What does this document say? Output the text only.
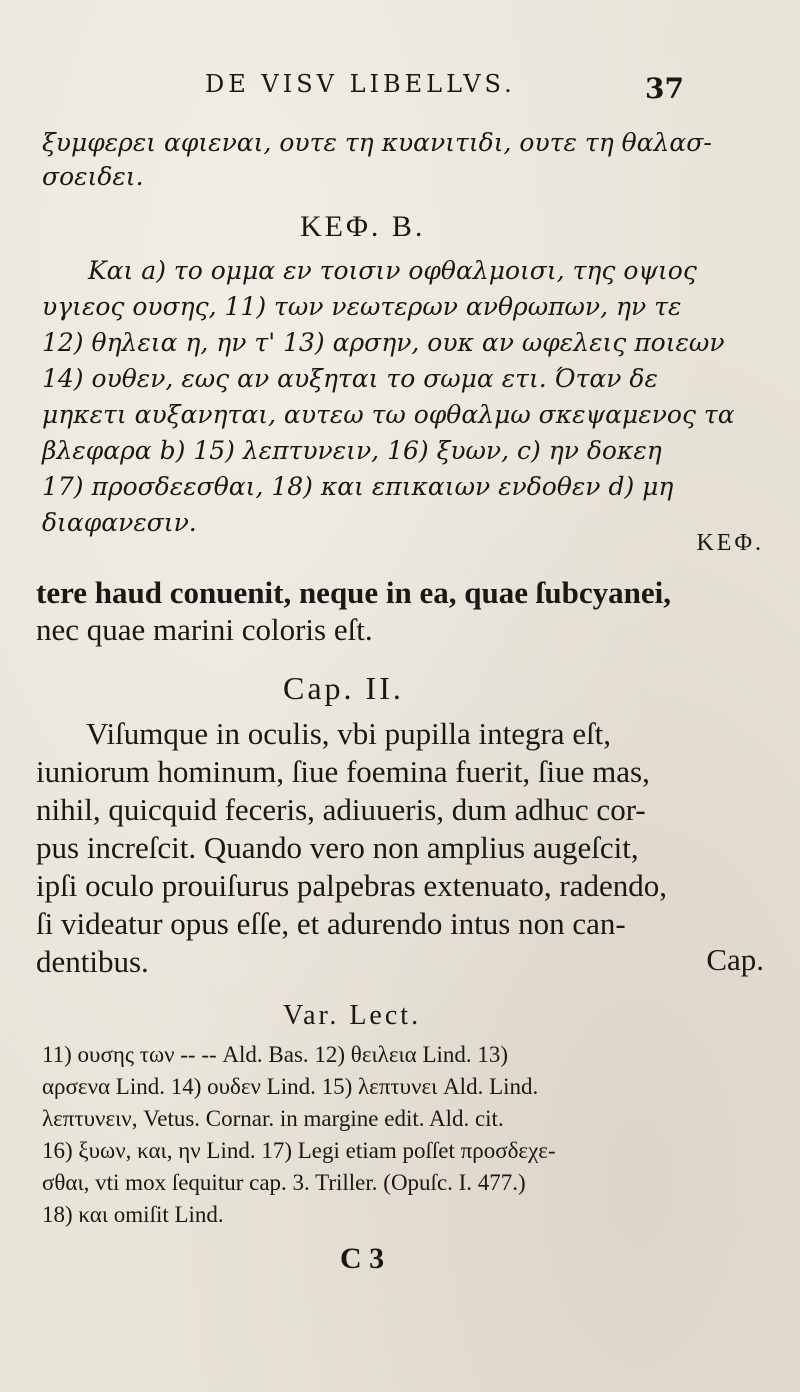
DE VISV LIBELLVS.	37
ξυμφερει αφιεναι, ουτε τη κυανιτιδι, ουτε τη θαλασ-
σοειδει.
ΚΕΦ. Β.
Και a) το ομμα εν τοισιν οφθαλμοισι, της οψιος
υγιεος ουσης, 11) των νεωτερων ανθρωπων, ην τε
12) θηλεια η, ην τ' 13) αρσην, ουκ αν ωφελεις ποιεων
14) ουθεν, εως αν αυξηται το σωμα ετι. Όταν δε
μηκετι αυξανηται, αυτεω τω οφθαλμω σκεψαμενος τα
βλεφαρα b) 15) λεπτυνειν, 16) ξυων, c) ην δοκεη
17) προσδεεσθαι, 18) και επικαιων ενδοθεν d) μη
διαφανεσιν.
ΚΕΦ.
tere haud conuenit, neque in ea, quae ſubcyanei,
nec quae marini coloris eſt.
Cap. II.
Viſumque in oculis, vbi pupilla integra eſt,
iuniorum hominum, ſiue foemina fuerit, ſiue mas,
nihil, quicquid feceris, adiuueris, dum adhuc cor-
pus increſcit. Quando vero non amplius augeſcit,
ipſi oculo prouiſurus palpebras extenuato, radendo,
ſi videatur opus eſſe, et adurendo intus non can-
dentibus.	Cap.
Var. Lect.
11) ουσης των -- -- Ald. Bas. 12) θειλεια Lind. 13)
αρσενα Lind. 14) ουδεν Lind. 15) λεπτυνει Ald. Lind.
λεπτυνειν, Vetus. Cornar. in margine edit. Ald. cit.
16) ξυων, και, ην Lind. 17) Legi etiam poſſet προσδεχε-
σθαι, vti mox ſequitur cap. 3. Triller. (Opuſc. I. 477.)
18) και omiſit Lind.
C 3
